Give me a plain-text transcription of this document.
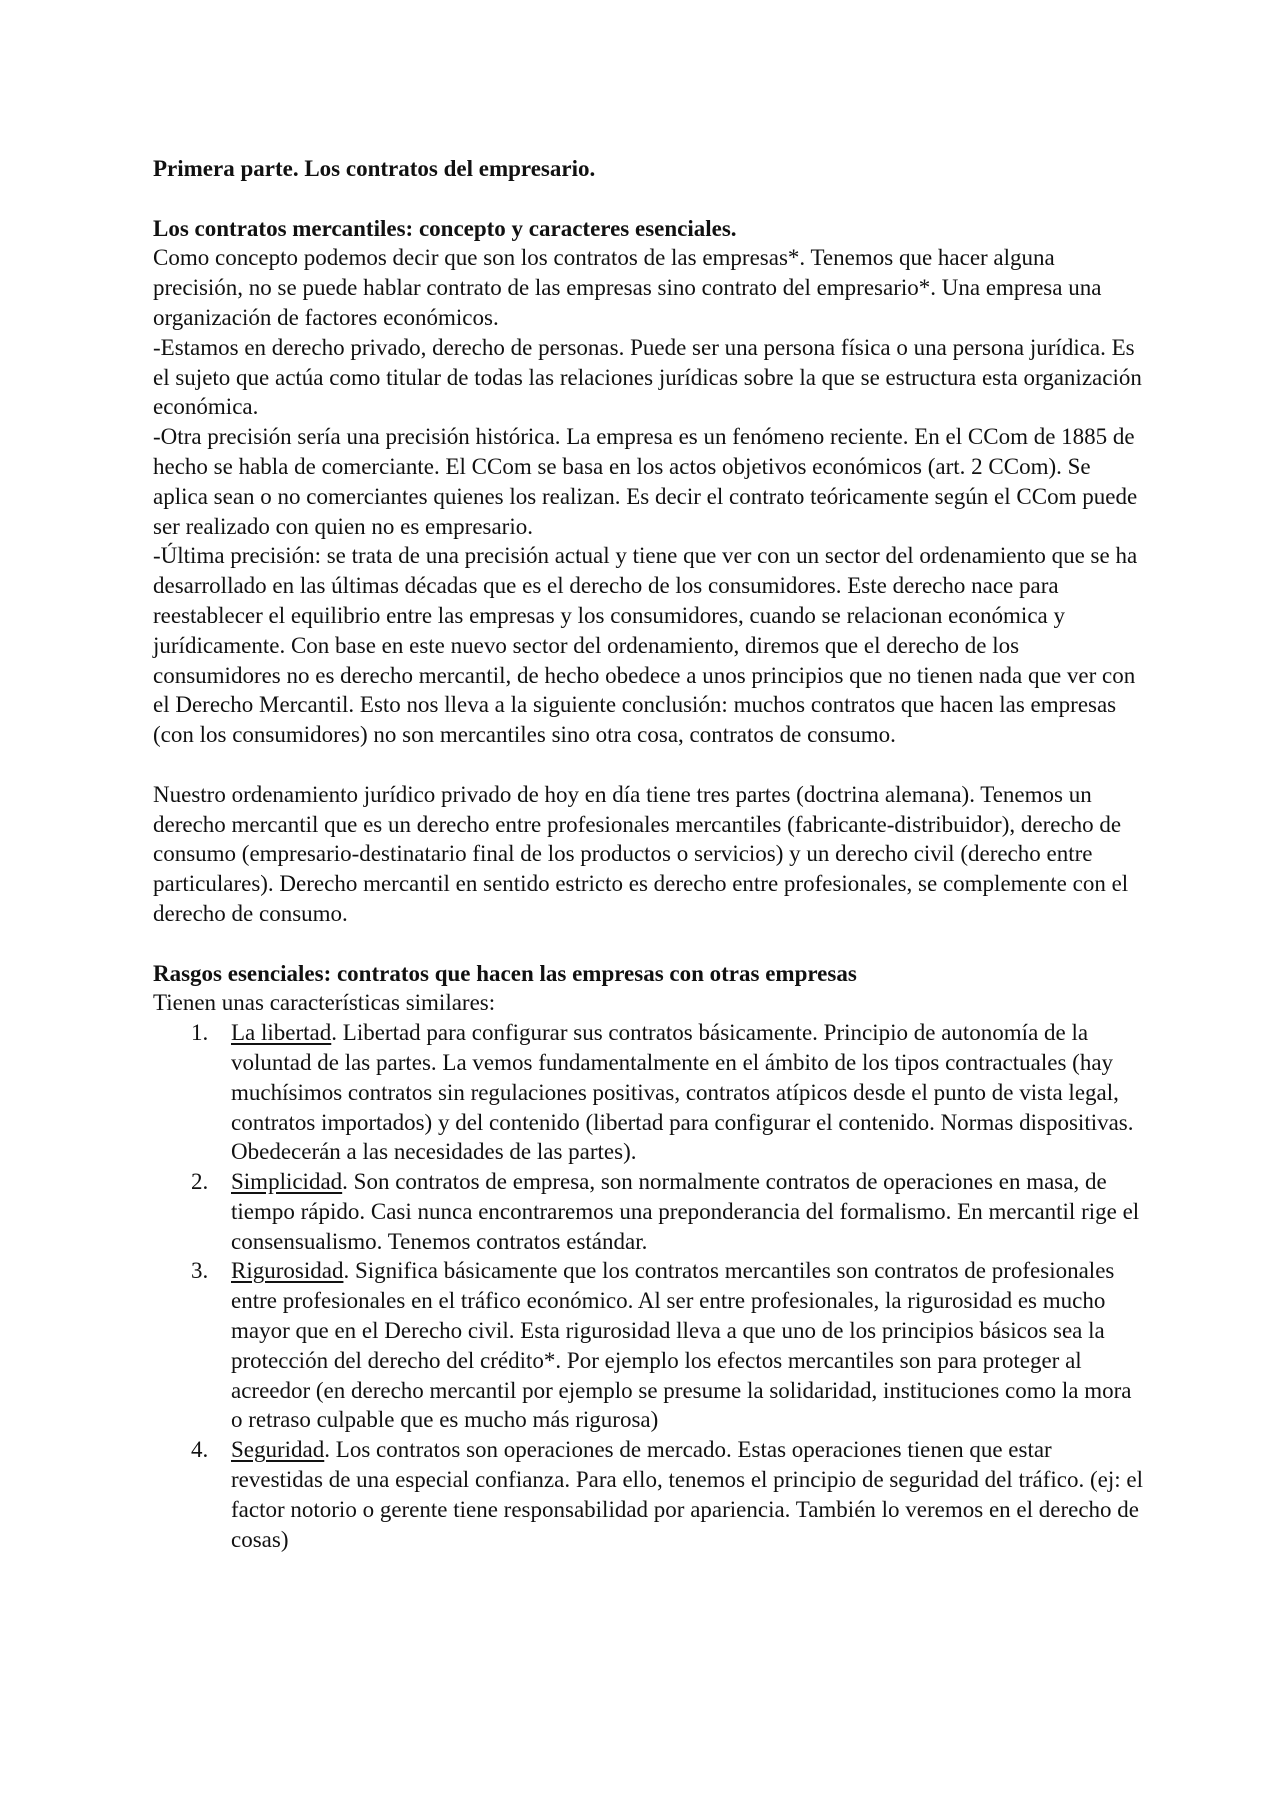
Primera parte. Los contratos del empresario.

Los contratos mercantiles: concepto y caracteres esenciales.

Como concepto podemos decir que son los contratos de las empresas*. Tenemos que hacer alguna precisión, no se puede hablar contrato de las empresas sino contrato del empresario*. Una empresa una organización de factores económicos.

-Estamos en derecho privado, derecho de personas. Puede ser una persona física o una persona jurídica. Es el sujeto que actúa como titular de todas las relaciones jurídicas sobre la que se estructura esta organización económica.

-Otra precisión sería una precisión histórica. La empresa es un fenómeno reciente. En el CCom de 1885 de hecho se habla de comerciante. El CCom se basa en los actos objetivos económicos (art. 2 CCom). Se aplica sean o no comerciantes quienes los realizan. Es decir el contrato teóricamente según el CCom puede ser realizado con quien no es empresario.

-Última precisión: se trata de una precisión actual y tiene que ver con un sector del ordenamiento que se ha desarrollado en las últimas décadas que es el derecho de los consumidores. Este derecho nace para reestablecer el equilibrio entre las empresas y los consumidores, cuando se relacionan económica y jurídicamente. Con base en este nuevo sector del ordenamiento, diremos que el derecho de los consumidores no es derecho mercantil, de hecho obedece a unos principios que no tienen nada que ver con el Derecho Mercantil. Esto nos lleva a la siguiente conclusión: muchos contratos que hacen las empresas (con los consumidores) no son mercantiles sino otra cosa, contratos de consumo.

Nuestro ordenamiento jurídico privado de hoy en día tiene tres partes (doctrina alemana). Tenemos un derecho mercantil que es un derecho entre profesionales mercantiles (fabricante-distribuidor), derecho de consumo (empresario-destinatario final de los productos o servicios) y un derecho civil (derecho entre particulares). Derecho mercantil en sentido estricto es derecho entre profesionales, se complemente con el derecho de consumo.

Rasgos esenciales: contratos que hacen las empresas con otras empresas

Tienen unas características similares:

1. La libertad. Libertad para configurar sus contratos básicamente. Principio de autonomía de la voluntad de las partes. La vemos fundamentalmente en el ámbito de los tipos contractuales (hay muchísimos contratos sin regulaciones positivas, contratos atípicos desde el punto de vista legal, contratos importados) y del contenido (libertad para configurar el contenido. Normas dispositivas. Obedecerán a las necesidades de las partes).
2. Simplicidad. Son contratos de empresa, son normalmente contratos de operaciones en masa, de tiempo rápido. Casi nunca encontraremos una preponderancia del formalismo. En mercantil rige el consensualismo. Tenemos contratos estándar.
3. Rigurosidad. Significa básicamente que los contratos mercantiles son contratos de profesionales entre profesionales en el tráfico económico. Al ser entre profesionales, la rigurosidad es mucho mayor que en el Derecho civil. Esta rigurosidad lleva a que uno de los principios básicos sea la protección del derecho del crédito*. Por ejemplo los efectos mercantiles son para proteger al acreedor (en derecho mercantil por ejemplo se presume la solidaridad, instituciones como la mora o retraso culpable que es mucho más rigurosa)
4. Seguridad. Los contratos son operaciones de mercado. Estas operaciones tienen que estar revestidas de una especial confianza. Para ello, tenemos el principio de seguridad del tráfico. (ej: el factor notorio o gerente tiene responsabilidad por apariencia. También lo veremos en el derecho de cosas)
